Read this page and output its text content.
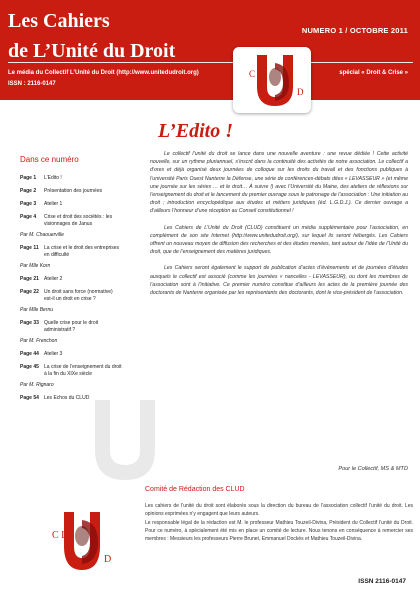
Les Cahiers
de L’Unité du Droit
NUMERO 1 / OCTOBRE 2011
Le média du Collectif L’Unité du Droit (http://www.unitedudroit.org)
ISSN : 2116-0147
spécial « Droit & Crise »
C L
D
Dans ce numéro
Page 1 L’Edito !
Page 2 Présentation des journées
Page 3 Atelier 1
Page 4 Crise et droit des sociétés : les visionnages de Janus
Par M. Chaouerville
Page 11 La crise et le droit des entreprises en difficulté
Par Mlle Korn
Page 21 Atelier 2
Page 22 Un droit sans force (normative) est-il un droit en crise ?
Par Mlle Bernu
Page 33 Quelle crise pour le droit administratif ?
Par M. Frenchon
Page 44 Atelier 3
Page 45 La crise de l’enseignement du droit à la fin du XIXe siècle
Par M. Rignaro
Page 54 Les Echos du CLUD
L’Edito !

Le collectif l’unité du droit se lance dans une nouvelle aventure : une revue dédiée ! Cette activité nouvelle, sur un rythme pluriannuel, s’inscrit dans la continuité des activités de notre association. Le collectif a d’ores et déjà organisé deux journées de colloque sur les droits du travail et des fonctions publiques à l’université Paris Ouest Nanterre la Défense, une série de conférences-débats dites « LEVASSEUR » (et même une journée sur les séries … et le droit… À suivre !) avec l’Université du Maine, des ateliers de réflexions sur l’enseignement du droit et le lancement du premier ouvrage sous le patronage de l’association : Une initiation au droit ; introduction encyclopédique aux études et métiers juridiques (éd. L.G.D.J.). Ce dernier ouvrage a d’ailleurs l’honneur d’une réception au Conseil constitutionnel !

Les Cahiers de L’Unité du Droit (CLUD) constituent un média supplémentaire pour l’association, en complément de son site Internet (http://www.unitedudroit.org/), sur lequel ils seront hébergés. Les Cahiers offrent un nouveau moyen de diffusion des recherches et des études menées, tant autour de l’idée de l’Unité du droit, que de l’enseignement des matières juridiques.

Les Cahiers seront également le support de publication d’actes d’événements et de journées d’études auxquels le collectif est associé (comme les journées « nancelles - LEVASSEUR), ou dont les membres de l’association sont à l’initiative. Ce premier numéro constitue d’ailleurs les actes de la première journée des doctorants de Nanterre organisée par les représentants des doctorants, dont le vice-président de l’association.

Pour le Collectif, MS & MTD
Comité de Rédaction des CLUD

Les cahiers de l’unité du droit sont élaborés sous la direction du bureau de l’association collectif l’unité du droit. Les opinions exprimées n’y engagent que leurs auteurs.

Le responsable légal de la rédaction est M. le professeur Mathieu Touzeil-Divina, Président du Collectif l’unité du Droit. Pour ce numéro, à spécialement été mis en place un comité de lecture. Nous tenons en conséquence à remercier ses membres : Messieurs les professeurs Pierre Brunet, Emmanuel Dockès et Mathieu Touzeil-Divina.

C L
D
ISSN 2116-0147
